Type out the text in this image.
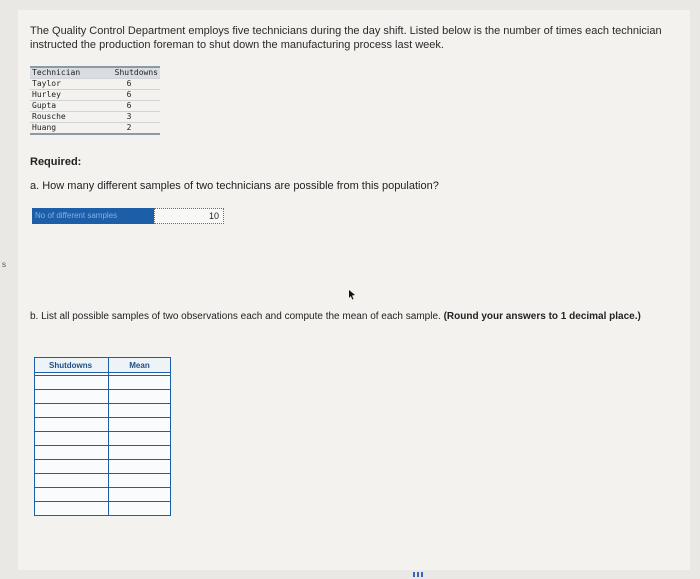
The Quality Control Department employs five technicians during the day shift. Listed below is the number of times each technician instructed the production foreman to shut down the manufacturing process last week.
Technician	Shutdowns
Taylor	6
Hurley	6
Gupta	6
Rousche	3
Huang	2
Required:
a. How many different samples of two technicians are possible from this population?
No of different samples	10
b. List all possible samples of two observations each and compute the mean of each sample. (Round your answers to 1 decimal place.)
Shutdowns	Mean

s
